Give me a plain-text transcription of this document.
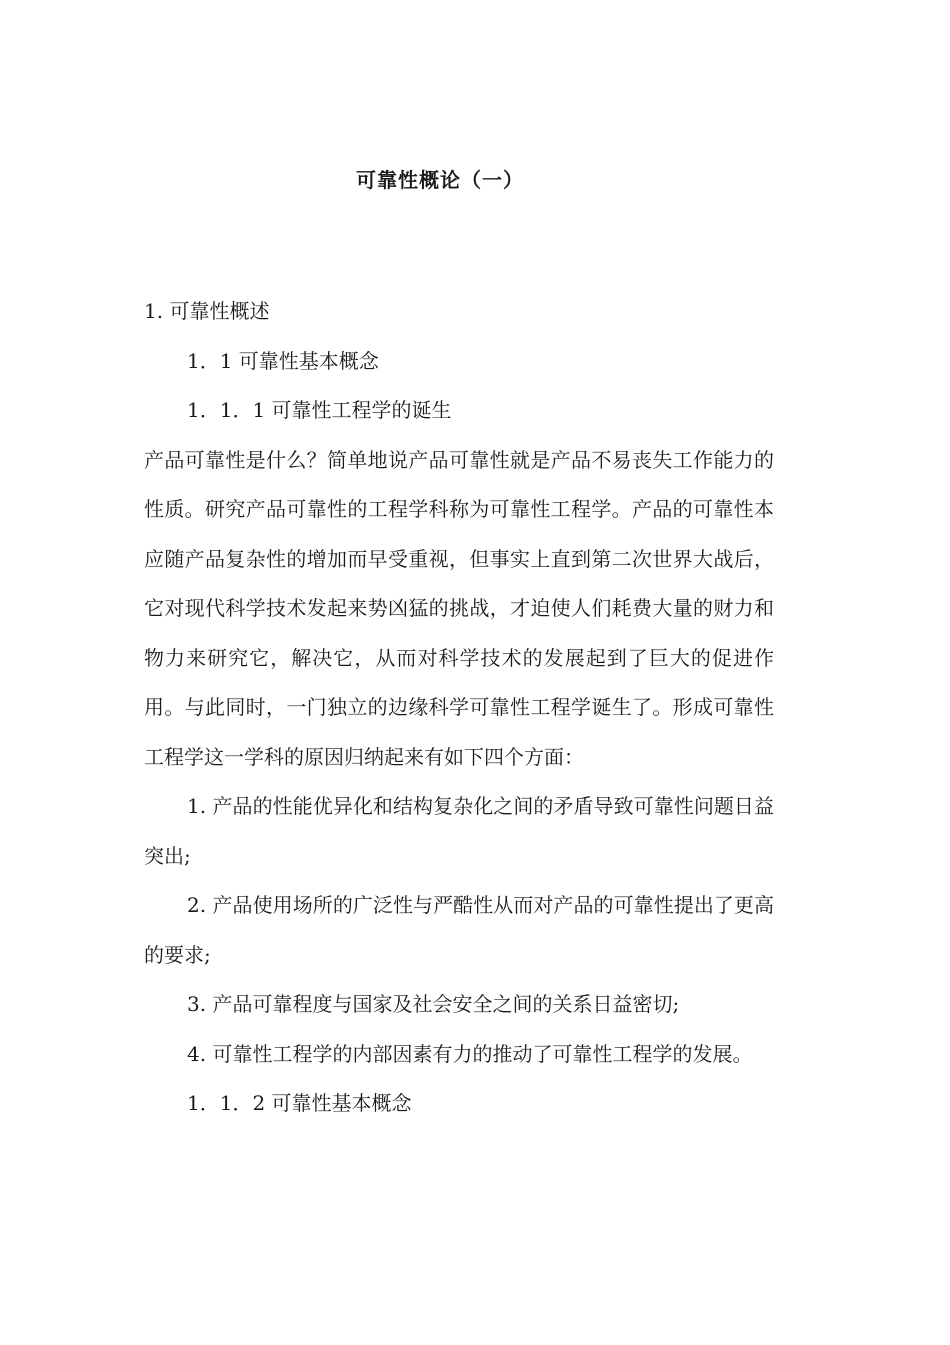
可靠性概论（一）

1. 可靠性概述

1．1 可靠性基本概念

1．1．1 可靠性工程学的诞生

产品可靠性是什么？简单地说产品可靠性就是产品不易丧失工作能力的性质。研究产品可靠性的工程学科称为可靠性工程学。产品的可靠性本应随产品复杂性的增加而早受重视，但事实上直到第二次世界大战后，它对现代科学技术发起来势凶猛的挑战，才迫使人们耗费大量的财力和物力来研究它，解决它，从而对科学技术的发展起到了巨大的促进作用。与此同时，一门独立的边缘科学可靠性工程学诞生了。形成可靠性工程学这一学科的原因归纳起来有如下四个方面：

1. 产品的性能优异化和结构复杂化之间的矛盾导致可靠性问题日益突出;

2. 产品使用场所的广泛性与严酷性从而对产品的可靠性提出了更高的要求;

3. 产品可靠程度与国家及社会安全之间的关系日益密切;

4. 可靠性工程学的内部因素有力的推动了可靠性工程学的发展。

1．1．2 可靠性基本概念
